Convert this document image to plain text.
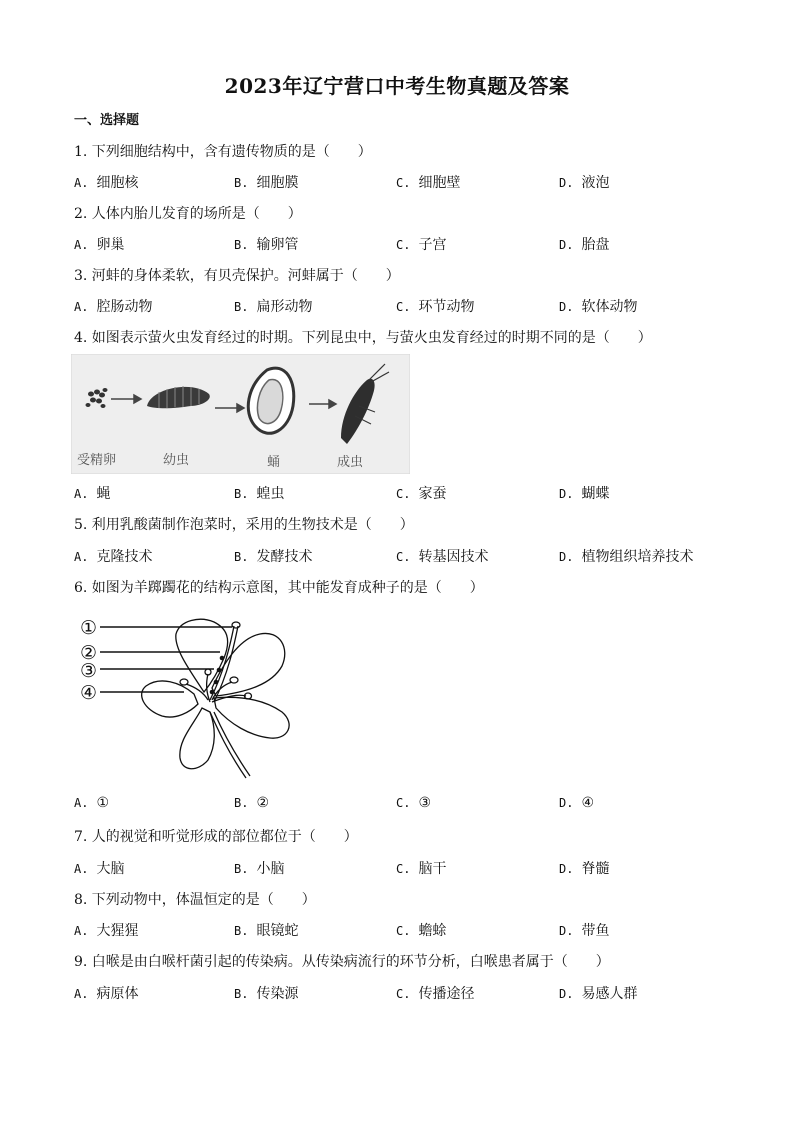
2023年辽宁营口中考生物真题及答案
一、选择题
1. 下列细胞结构中，含有遗传物质的是（　　）
A. 细胞核	B. 细胞膜	C. 细胞壁	D. 液泡
2. 人体内胎儿发育的场所是（　　）
A. 卵巢	B. 输卵管	C. 子宫	D. 胎盘
3. 河蚌的身体柔软，有贝壳保护。河蚌属于（　　）
A. 腔肠动物	B. 扁形动物	C. 环节动物	D. 软体动物
4. 如图表示萤火虫发育经过的时期。下列昆虫中，与萤火虫发育经过的时期不同的是（　　）
受精卵	幼虫	蛹	成虫
A. 蝇	B. 蝗虫	C. 家蚕	D. 蝴蝶
5. 利用乳酸菌制作泡菜时，采用的生物技术是（　　）
A. 克隆技术	B. 发酵技术	C. 转基因技术	D. 植物组织培养技术
6. 如图为羊踯躅花的结构示意图，其中能发育成种子的是（　　）
①
②
③
④
A. ①	B. ②	C. ③	D. ④
7. 人的视觉和听觉形成的部位都位于（　　）
A. 大脑	B. 小脑	C. 脑干	D. 脊髓
8. 下列动物中，体温恒定的是（　　）
A. 大猩猩	B. 眼镜蛇	C. 蟾蜍	D. 带鱼
9. 白喉是由白喉杆菌引起的传染病。从传染病流行的环节分析，白喉患者属于（　　）
A. 病原体	B. 传染源	C. 传播途径	D. 易感人群
